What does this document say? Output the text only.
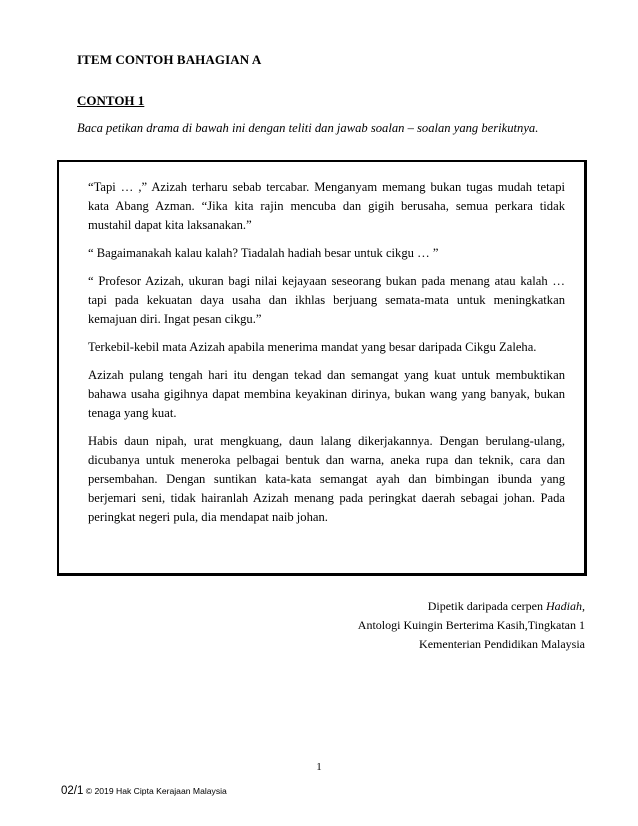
ITEM CONTOH BAHAGIAN A
CONTOH 1
Baca petikan drama di bawah ini dengan teliti dan jawab soalan – soalan yang berikutnya.

“Tapi … ,” Azizah terharu sebab tercabar. Menganyam memang bukan tugas mudah tetapi kata Abang Azman. “Jika kita rajin mencuba dan gigih berusaha, semua perkara tidak mustahil dapat kita laksanakan.”

“ Bagaimanakah kalau kalah? Tiadalah hadiah besar untuk cikgu … ”

“ Profesor Azizah, ukuran bagi nilai kejayaan seseorang bukan pada menang atau kalah … tapi pada kekuatan daya usaha dan ikhlas berjuang semata-mata untuk meningkatkan kemajuan diri. Ingat pesan cikgu.”

Terkebil-kebil mata Azizah apabila menerima mandat yang besar daripada Cikgu Zaleha.

Azizah pulang tengah hari itu dengan tekad dan semangat yang kuat untuk membuktikan bahawa usaha gigihnya dapat membina keyakinan dirinya, bukan wang yang banyak, bukan tenaga yang kuat.

Habis daun nipah, urat mengkuang, daun lalang dikerjakannya. Dengan berulang-ulang, dicubanya untuk meneroka pelbagai bentuk dan warna, aneka rupa dan teknik, cara dan persembahan. Dengan suntikan kata-kata semangat ayah dan bimbingan ibunda yang berjemari seni, tidak hairanlah Azizah menang pada peringkat daerah sebagai johan. Pada peringkat negeri pula, dia mendapat naib johan.

Dipetik daripada cerpen Hadiah,
Antologi Kuingin Berterima Kasih,Tingkatan 1
Kementerian Pendidikan Malaysia
1
02/1 © 2019 Hak Cipta Kerajaan Malaysia
